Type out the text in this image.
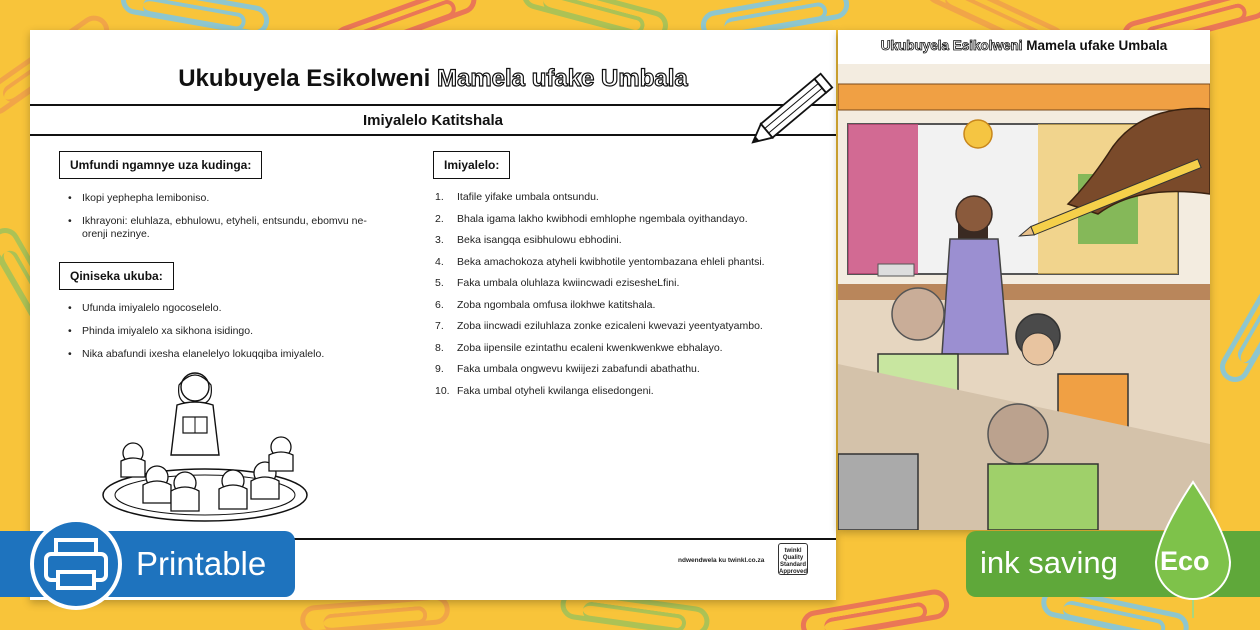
Ukubuyela Esikolweni Mamela ufake Umbala
Imiyalelo Katitshala
Umfundi ngamnye uza kudinga:
• Ikopi yephepha lemiboniso.
• Ikhrayoni: eluhlaza, ebhulowu, etyheli, entsundu, ebomvu ne-orenji nezinye.
Qiniseka ukuba:
• Ufunda imiyalelo ngocoselelo.
• Phinda imiyalelo xa sikhona isidingo.
• Nika abafundi ixesha elanelelyo lokuqqiba imiyalelo.
Imiyalelo:
1.	Itafile yifake umbala ontsundu.
2.	Bhala igama lakho kwibhodi emhlophe ngembala oyithandayo.
3.	Beka isangqa esibhulowu ebhodini.
4.	Beka amachokoza atyheli kwibhotile yentombazana ehleli phantsi.
5.	Faka umbala oluhlaza kwiincwadi ezisesheLfini.
6.	Zoba ngombala omfusa ilokhwe katitshala.
7.	Zoba iincwadi eziluhlaza zonke ezicaleni kwevazi yeentyatyambo.
8.	Zoba iipensile ezintathu ecaleni kwenkwenkwe ebhalayo.
9.	Faka umbala ongwevu kwiijezi zabafundi abathathu.
10. Faka umbal otyheli kwilanga elisedongeni.
ndwendwela ku twinkl.co.za
twinkl Quality Standard Approved
Ukubuyela Esikolweni Mamela ufake Umbala
Printable	ink saving Eco
